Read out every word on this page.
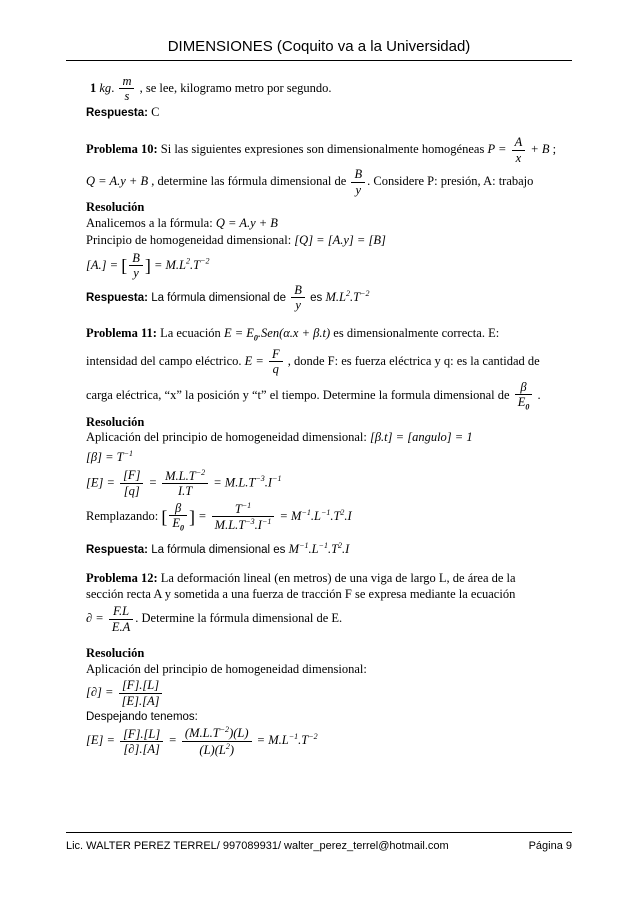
DIMENSIONES (Coquito va a la Universidad)

1 kg. $\frac{m}{s}$ , se lee, kilogramo metro por segundo.

Respuesta: C

Problema 10: Si las siguientes expresiones son dimensionalmente homogéneas $P = \frac{A}{x} + B$ ;

Q = A.y + B , determine las fórmula dimensional de $\frac{B}{y}$ . Considere P: presión, A: trabajo

Resolución

Analicemos a la fórmula: Q = A.y + B

Principio de homogeneidad dimensional: [Q] = [A.y] = [B]

[A.] = [ $\frac{B}{y}$ ] = $M.L^2.T^{-2}$

Respuesta: La fórmula dimensional de $\frac{B}{y}$ es $M.L^2.T^{-2}$

Problema 11: La ecuación $E = E_0.Sen(\alpha.x + \beta.t)$ es dimensionalmente correcta. E:

intensidad del campo eléctrico. $E = \frac{F}{q}$ , donde F: es fuerza eléctrica y q: es la cantidad de

carga eléctrica, “x” la posición y “t” el tiempo. Determine la formula dimensional de $\frac{\beta}{E_0}$ .

Resolución

Aplicación del principio de homogeneidad dimensional: [β.t] = [angulo] = 1

$[\beta] = T^{-1}$

$[E] = \frac{[F]}{[q]} = \frac{M.L.T^{-2}}{I.T} = M.L.T^{-3}.I^{-1}$

Remplazando: [ $\frac{\beta}{E_0}$ ] = $\frac{T^{-1}}{M.L.T^{-3}.I^{-1}} = M^{-1}.L^{-1}.T^2.I$

Respuesta: La fórmula dimensional es $M^{-1}.L^{-1}.T^2.I$

Problema 12: La deformación lineal (en metros) de una viga de largo L, de área de la

sección recta A y sometida a una fuerza de tracción F se expresa mediante la ecuación

∂ = $\frac{F.L}{E.A}$ . Determine la fórmula dimensional de E.

Resolución

Aplicación del principio de homogeneidad dimensional:

[∂] = $\frac{[F].[L]}{[E].[A]}$

Despejando tenemos:

$[E] = \frac{[F].[L]}{[\partial].[A]} = \frac{(M.L.T^{-2})(L)}{(L)(L^2)} = M.L^{-1}.T^{-2}$

Lic. WALTER PEREZ TERREL/ 997089931/ walter_perez_terrel@hotmail.com	Página 9
